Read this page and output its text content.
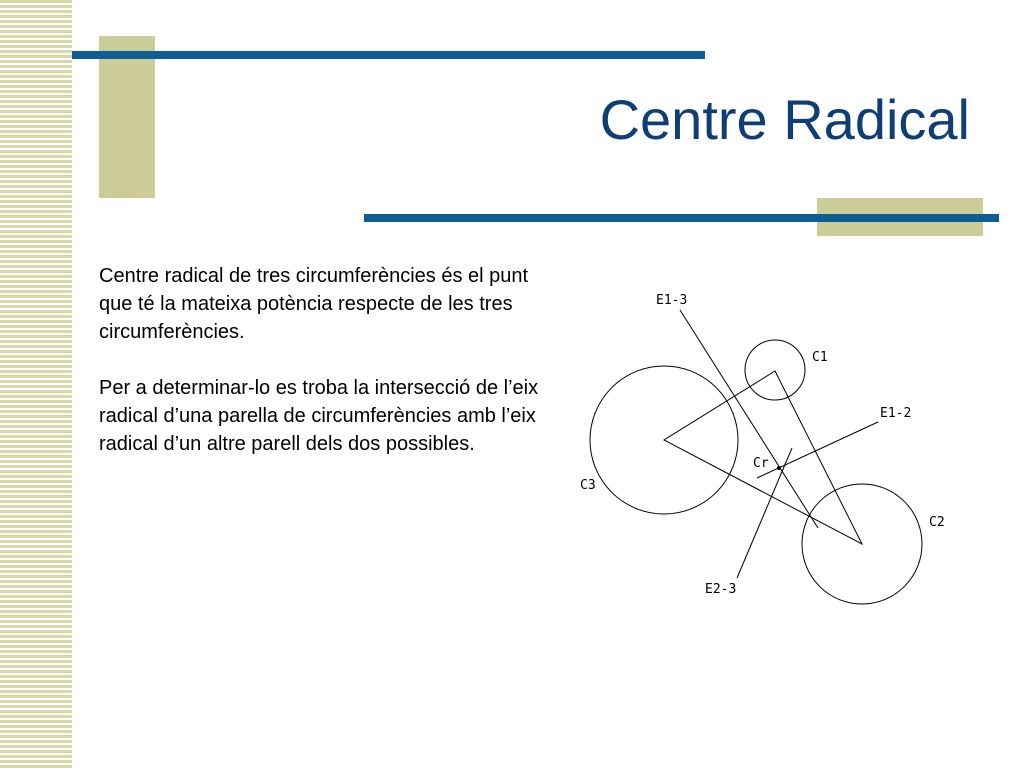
Centre Radical

Centre radical de tres circumferències és el punt que té la mateixa potència respecte de les tres circumferències.

Per a determinar-lo es troba la intersecció de l’eix radical d’una parella de circumferències amb l’eix radical d’un altre parell dels dos possibles.

E1-3
C1
E1-2
Cr
C3
C2
E2-3
